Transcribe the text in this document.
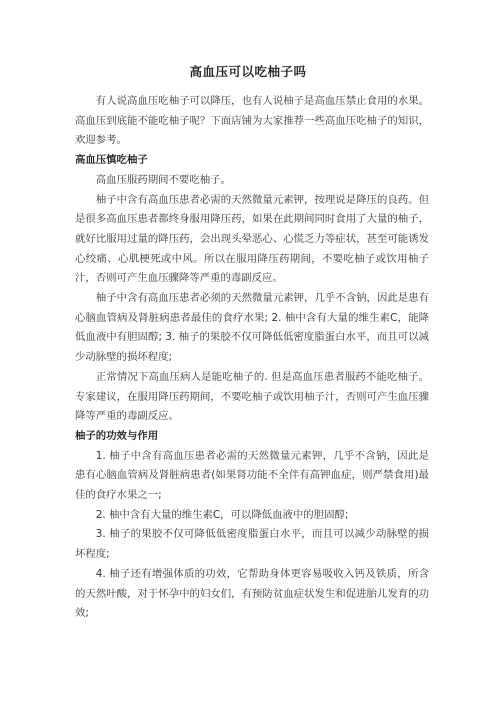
高血压可以吃柚子吗

有人说高血压吃柚子可以降压，也有人说柚子是高血压禁止食用的水果。高血压到底能不能吃柚子呢？下面店铺为大家推荐一些高血压吃柚子的知识，欢迎参考。

高血压慎吃柚子

高血压服药期间不要吃柚子。

柚子中含有高血压患者必需的天然微量元素钾，按理说是降压的良药。但是很多高血压患者都终身服用降压药，如果在此期间同时食用了大量的柚子，就好比服用过量的降压药，会出现头晕恶心、心慌乏力等症状，甚至可能诱发心绞痛、心肌梗死或中风。所以在服用降压药期间，不要吃柚子或饮用柚子汁，否则可产生血压骤降等严重的毒副反应。

柚子中含有高血压患者必须的天然微量元素钾，几乎不含钠，因此是患有心脑血管病及肾脏病患者最佳的食疗水果; 2. 柚中含有大量的维生素C，能降低血液中有胆固醇; 3. 柚子的果胶不仅可降低低密度脂蛋白水平，而且可以减少动脉壁的损坏程度;

正常情况下高血压病人是能吃柚子的. 但是高血压患者服药不能吃柚子。专家建议，在服用降压药期间，不要吃柚子或饮用柚子汁，否则可产生血压骤降等严重的毒副反应。

柚子的功效与作用

1. 柚子中含有高血压患者必需的天然微量元素钾，几乎不含钠，因此是患有心脑血管病及肾脏病患者(如果肾功能不全伴有高钾血症，则严禁食用)最佳的食疗水果之一;

2. 柚中含有大量的维生素C，可以降低血液中的胆固醇;

3. 柚子的果胶不仅可降低低密度脂蛋白水平，而且可以减少动脉壁的损坏程度;

4. 柚子还有增强体质的功效，它帮助身体更容易吸收入钙及铁质，所含的天然叶酸，对于怀孕中的妇女们，有预防贫血症状发生和促进胎儿发育的功效;
